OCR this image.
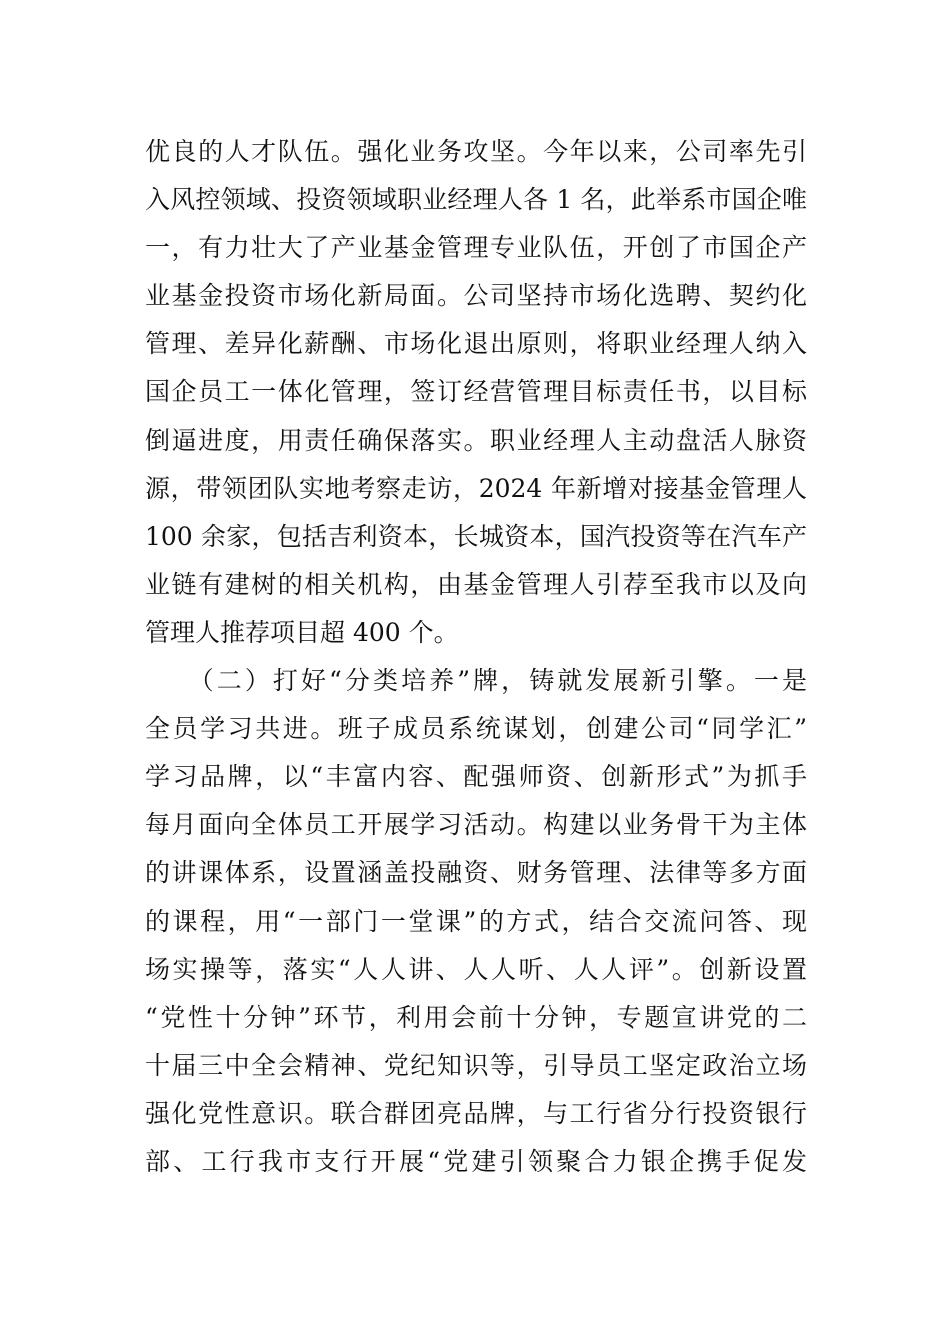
优良的人才队伍。强化业务攻坚。今年以来，公司率先引
入风控领域、投资领域职业经理人各 1 名，此举系市国企唯
一，有力壮大了产业基金管理专业队伍，开创了市国企产
业基金投资市场化新局面。公司坚持市场化选聘、契约化
管理、差异化薪酬、市场化退出原则，将职业经理人纳入
国企员工一体化管理，签订经营管理目标责任书，以目标
倒逼进度，用责任确保落实。职业经理人主动盘活人脉资
源，带领团队实地考察走访，2024 年新增对接基金管理人
100 余家，包括吉利资本，长城资本，国汽投资等在汽车产
业链有建树的相关机构，由基金管理人引荐至我市以及向
管理人推荐项目超 400 个。
　　（二）打好“分类培养”牌，铸就发展新引擎。一是
全员学习共进。班子成员系统谋划，创建公司“同学汇”
学习品牌，以“丰富内容、配强师资、创新形式”为抓手
每月面向全体员工开展学习活动。构建以业务骨干为主体
的讲课体系，设置涵盖投融资、财务管理、法律等多方面
的课程，用“一部门一堂课”的方式，结合交流问答、现
场实操等，落实“人人讲、人人听、人人评”。创新设置
“党性十分钟”环节，利用会前十分钟，专题宣讲党的二
十届三中全会精神、党纪知识等，引导员工坚定政治立场
强化党性意识。联合群团亮品牌，与工行省分行投资银行
部、工行我市支行开展“党建引领聚合力银企携手促发
